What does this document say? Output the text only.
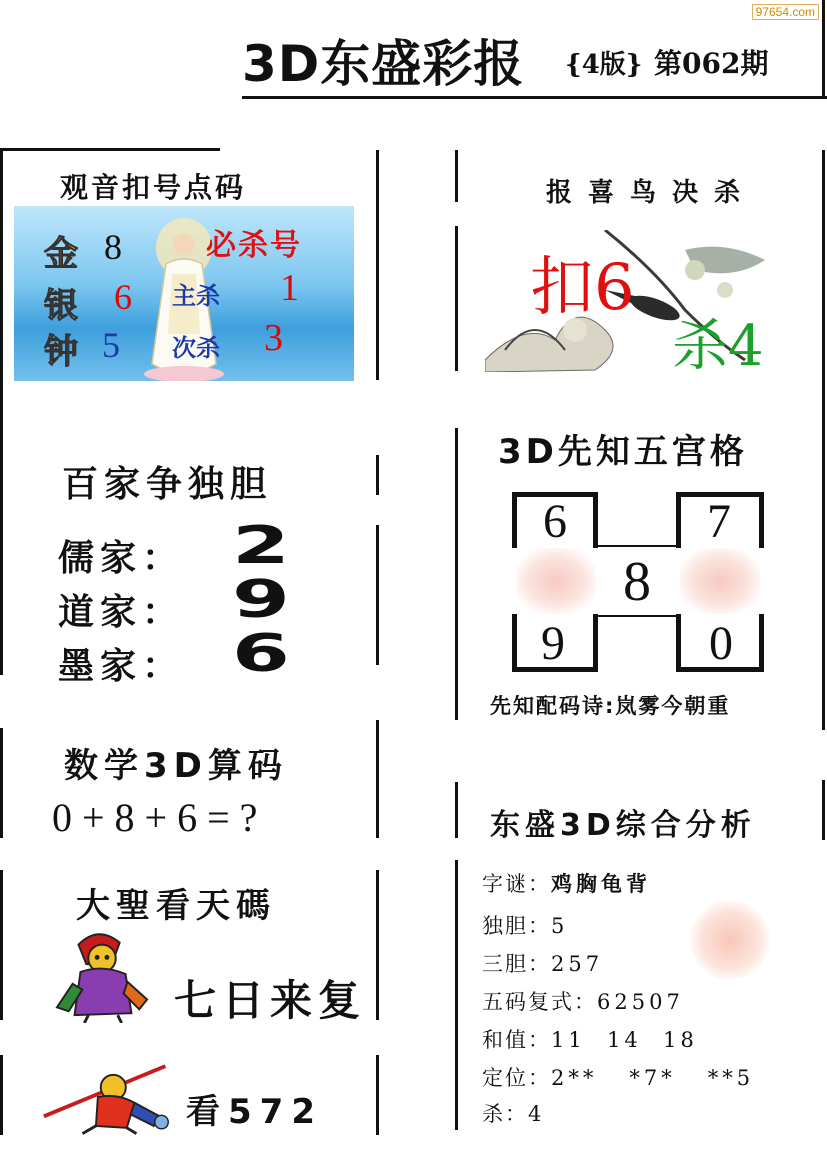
97654.com
3D东盛彩报 {4版} 第062期
观音扣号点码
金 8
银 6
钟 5
必杀号
主杀 1
次杀 3
报喜鸟决杀
扣6
杀4
百家争独胆
儒家： 2
道家： 9
墨家： 6
3D先知五宫格
6	7
8
9	0
先知配码诗:岚雾今朝重
数学3D算码
0 + 8 + 6 = ?
大聖看天碼
七日来复
看572
东盛3D综合分析
字谜：鸡胸龟背
独胆：5
三胆：257
五码复式：62507
和值：11  14  18
定位：2**   *7*   **5
杀：4
